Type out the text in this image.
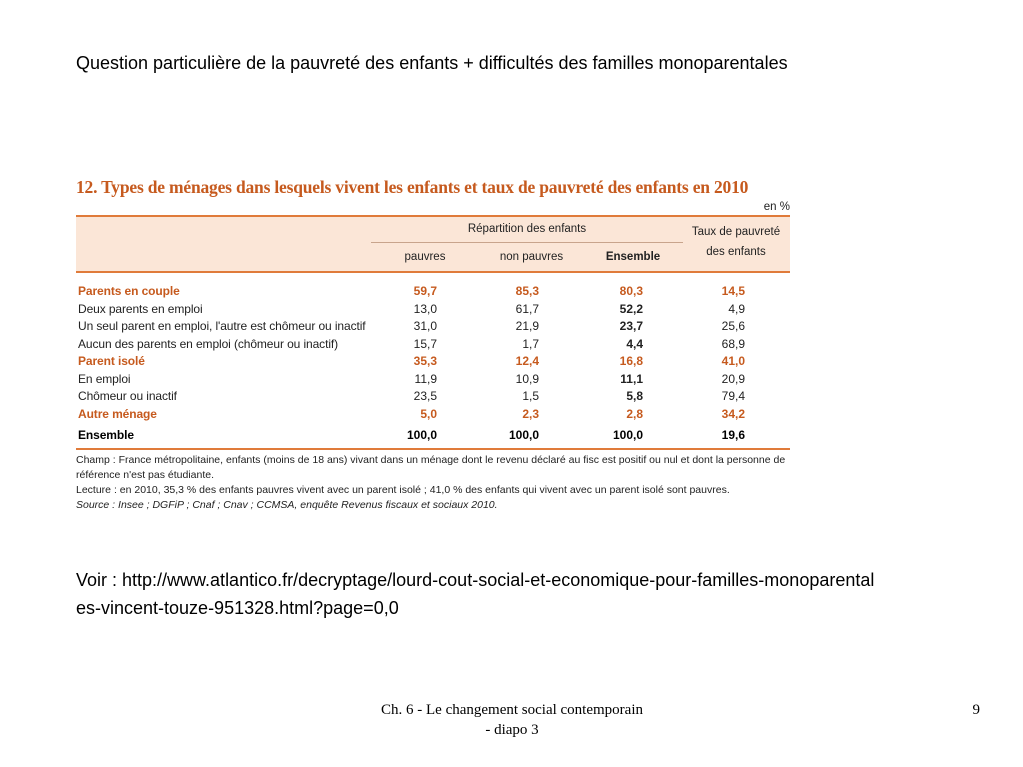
Question particulière de la pauvreté des enfants + difficultés des familles monoparentales

12. Types de ménages dans lesquels vivent les enfants et taux de pauvreté des enfants en 2010
en %
Répartition des enfants
pauvres	non pauvres	Ensemble
Taux de pauvreté
des enfants
Parents en couple	59,7	85,3	80,3	14,5
Deux parents en emploi	13,0	61,7	52,2	4,9
Un seul parent en emploi, l'autre est chômeur ou inactif	31,0	21,9	23,7	25,6
Aucun des parents en emploi (chômeur ou inactif)	15,7	1,7	4,4	68,9
Parent isolé	35,3	12,4	16,8	41,0
En emploi	11,9	10,9	11,1	20,9
Chômeur ou inactif	23,5	1,5	5,8	79,4
Autre ménage	5,0	2,3	2,8	34,2
Ensemble	100,0	100,0	100,0	19,6
Champ : France métropolitaine, enfants (moins de 18 ans) vivant dans un ménage dont le revenu déclaré au fisc est positif ou nul et dont la personne de référence n'est pas étudiante.
Lecture : en 2010, 35,3 % des enfants pauvres vivent avec un parent isolé ; 41,0 % des enfants qui vivent avec un parent isolé sont pauvres.
Source : Insee ; DGFiP ; Cnaf ; Cnav ; CCMSA, enquête Revenus fiscaux et sociaux 2010.

Voir : http://www.atlantico.fr/decryptage/lourd-cout-social-et-economique-pour-familles-monoparentales-vincent-touze-951328.html?page=0,0

Ch. 6 - Le changement social contemporain
- diapo 3
9
